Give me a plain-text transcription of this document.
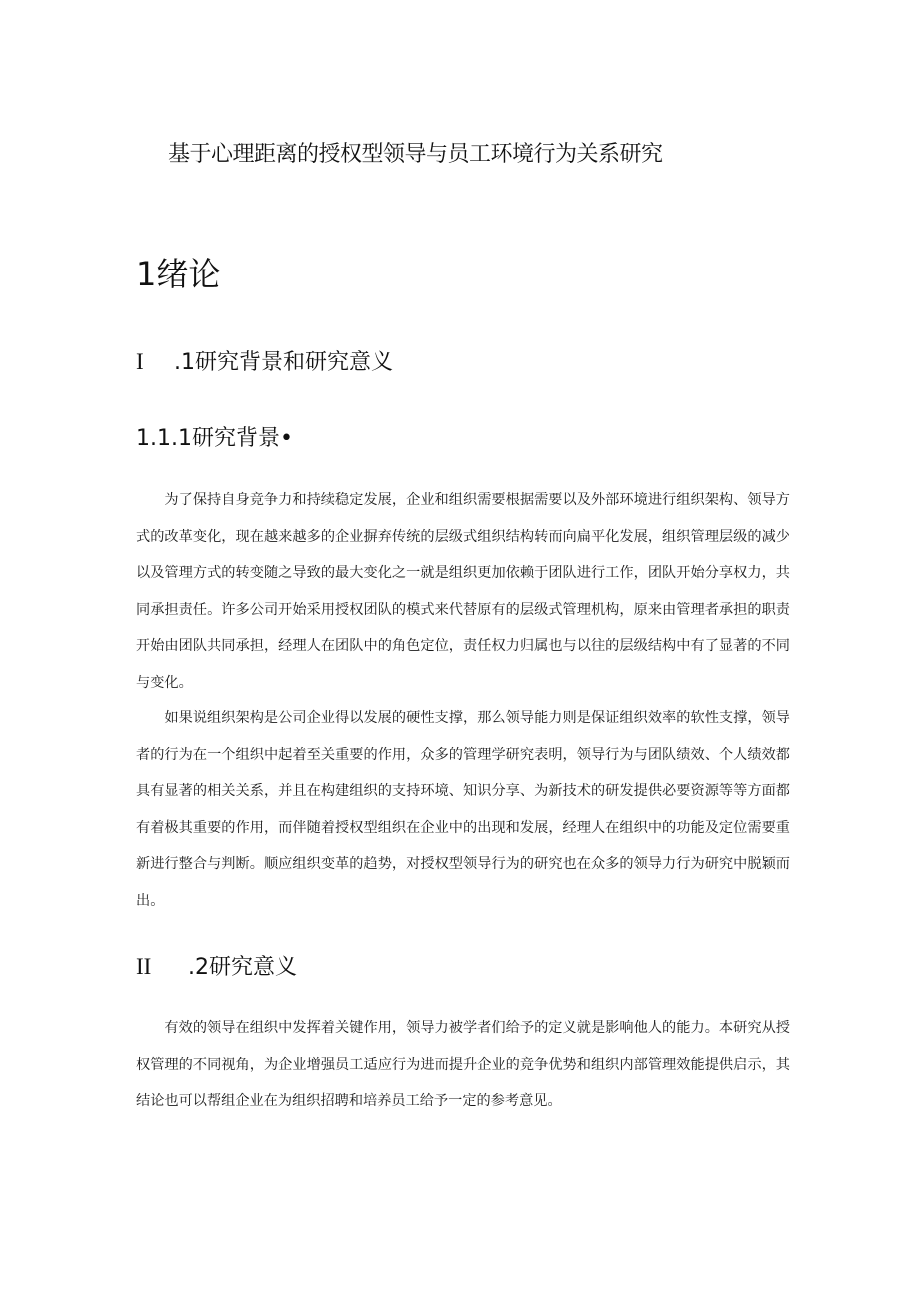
基于心理距离的授权型领导与员工环境行为关系研究
1绪论
I .1研究背景和研究意义
1.1.1研究背景•

为了保持自身竞争力和持续稳定发展，企业和组织需要根据需要以及外部环境进行组织架构、领导方式的改革变化，现在越来越多的企业摒弃传统的层级式组织结构转而向扁平化发展，组织管理层级的减少以及管理方式的转变随之导致的最大变化之一就是组织更加依赖于团队进行工作，团队开始分享权力，共同承担责任。许多公司开始采用授权团队的模式来代替原有的层级式管理机构，原来由管理者承担的职责开始由团队共同承担，经理人在团队中的角色定位，责任权力归属也与以往的层级结构中有了显著的不同与变化。

如果说组织架构是公司企业得以发展的硬性支撑，那么领导能力则是保证组织效率的软性支撑，领导者的行为在一个组织中起着至关重要的作用，众多的管理学研究表明，领导行为与团队绩效、个人绩效都具有显著的相关关系，并且在构建组织的支持环境、知识分享、为新技术的研发提供必要资源等等方面都有着极其重要的作用，而伴随着授权型组织在企业中的出现和发展，经理人在组织中的功能及定位需要重新进行整合与判断。顺应组织变革的趋势，对授权型领导行为的研究也在众多的领导力行为研究中脱颖而出。

II .2研究意义

有效的领导在组织中发挥着关键作用，领导力被学者们给予的定义就是影响他人的能力。本研究从授权管理的不同视角，为企业增强员工适应行为进而提升企业的竞争优势和组织内部管理效能提供启示，其结论也可以帮组企业在为组织招聘和培养员工给予一定的参考意见。
